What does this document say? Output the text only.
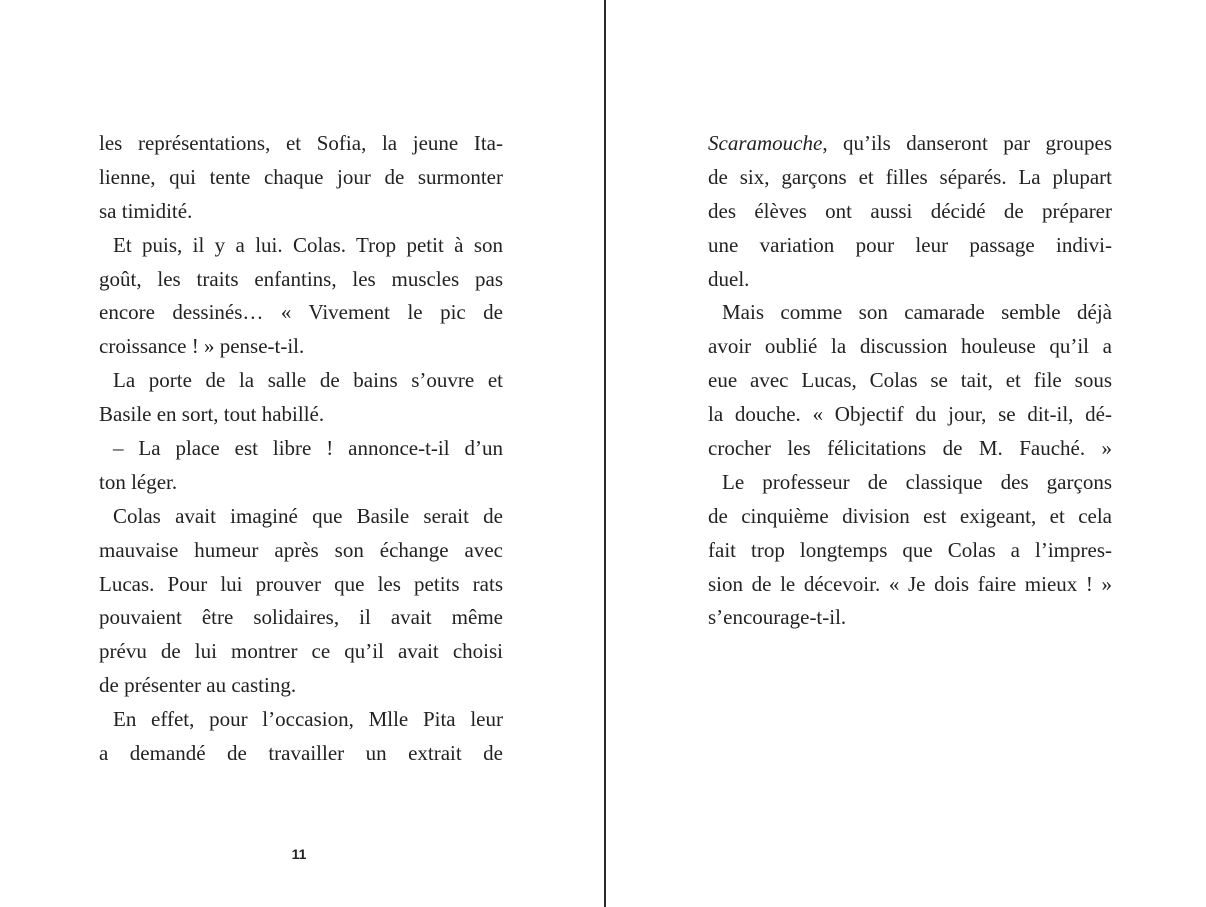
les représentations, et Sofia, la jeune Ita-
lienne, qui tente chaque jour de surmonter
sa timidité.
Et puis, il y a lui. Colas. Trop petit à son
goût, les traits enfantins, les muscles pas
encore dessinés… « Vivement le pic de
croissance ! » pense-t-il.
La porte de la salle de bains s’ouvre et
Basile en sort, tout habillé.
– La place est libre ! annonce-t-il d’un
ton léger.
Colas avait imaginé que Basile serait de
mauvaise humeur après son échange avec
Lucas. Pour lui prouver que les petits rats
pouvaient être solidaires, il avait même
prévu de lui montrer ce qu’il avait choisi
de présenter au casting.
En effet, pour l’occasion, Mlle Pita leur
a demandé de travailler un extrait de
11
Scaramouche, qu’ils danseront par groupes
de six, garçons et filles séparés. La plupart
des élèves ont aussi décidé de préparer
une variation pour leur passage indivi-
duel.
Mais comme son camarade semble déjà
avoir oublié la discussion houleuse qu’il a
eue avec Lucas, Colas se tait, et file sous
la douche. « Objectif du jour, se dit-il, dé-
crocher les félicitations de M. Fauché. »
Le professeur de classique des garçons
de cinquième division est exigeant, et cela
fait trop longtemps que Colas a l’impres-
sion de le décevoir. « Je dois faire mieux ! »
s’encourage-t-il.
